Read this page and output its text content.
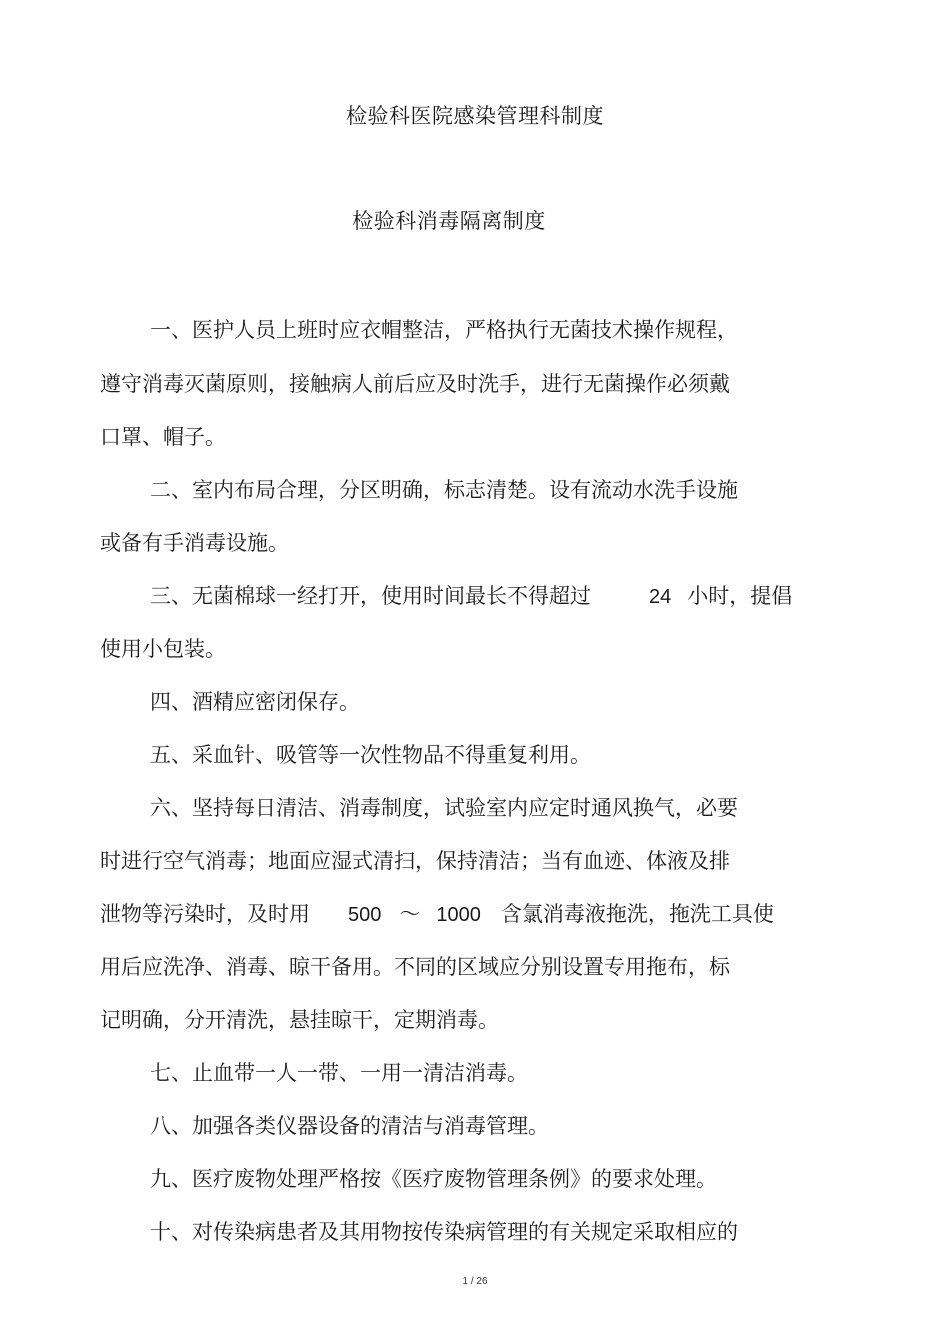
检验科医院感染管理科制度
检验科消毒隔离制度
一、医护人员上班时应衣帽整洁，严格执行无菌技术操作规程，
遵守消毒灭菌原则，接触病人前后应及时洗手，进行无菌操作必须戴
口罩、帽子。
二、室内布局合理，分区明确，标志清楚。设有流动水洗手设施
或备有手消毒设施。
三、无菌棉球一经打开，使用时间最长不得超过	24 小时，提倡
使用小包装。
四、酒精应密闭保存。
五、采血针、吸管等一次性物品不得重复利用。
六、坚持每日清洁、消毒制度，试验室内应定时通风换气，必要
时进行空气消毒；地面应湿式清扫，保持清洁；当有血迹、体液及排
泄物等污染时，及时用 500 ～ 1000 含氯消毒液拖洗，拖洗工具使
用后应洗净、消毒、晾干备用。不同的区域应分别设置专用拖布，标
记明确，分开清洗，悬挂晾干，定期消毒。
七、止血带一人一带、一用一清洁消毒。
八、加强各类仪器设备的清洁与消毒管理。
九、医疗废物处理严格按《医疗废物管理条例》的要求处理。
十、对传染病患者及其用物按传染病管理的有关规定采取相应的
1 / 26
